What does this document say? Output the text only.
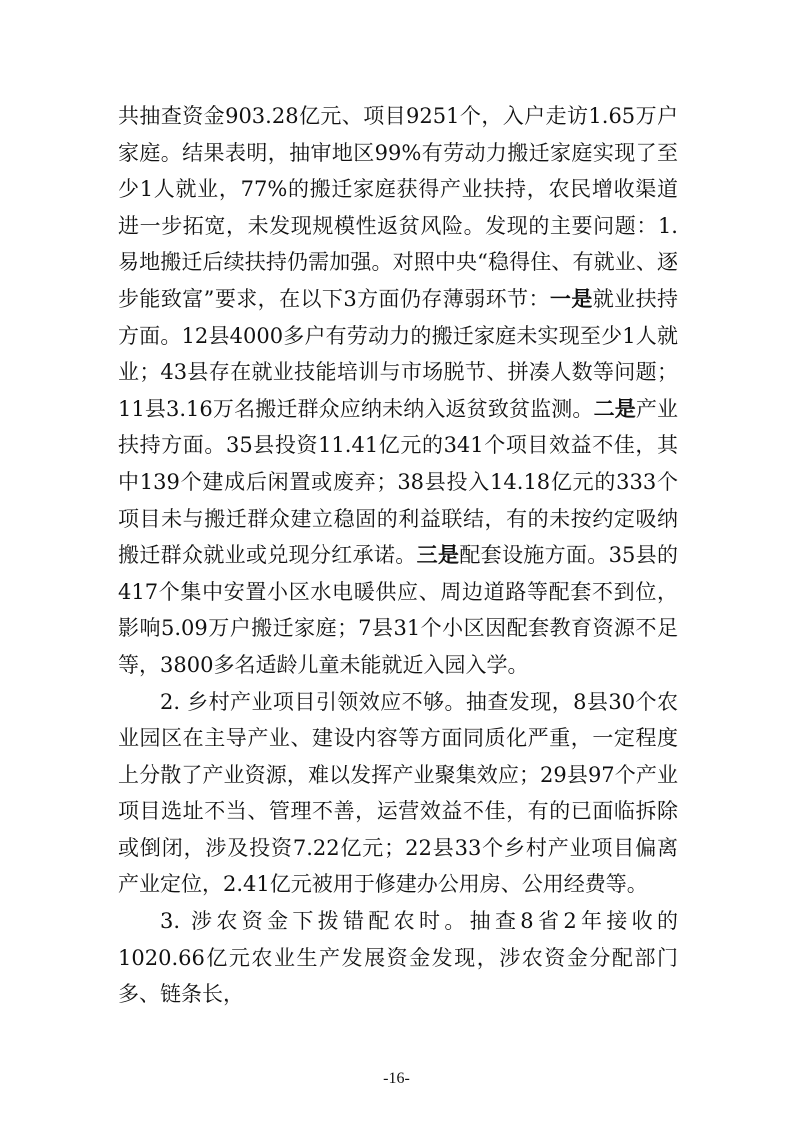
共抽查资金903.28亿元、项目9251个，入户走访1.65万户家庭。结果表明，抽审地区99%有劳动力搬迁家庭实现了至少1人就业，77%的搬迁家庭获得产业扶持，农民增收渠道进一步拓宽，未发现规模性返贫风险。发现的主要问题：1. 易地搬迁后续扶持仍需加强。对照中央“稳得住、有就业、逐步能致富”要求，在以下3方面仍存薄弱环节：一是就业扶持方面。12县4000多户有劳动力的搬迁家庭未实现至少1人就业；43县存在就业技能培训与市场脱节、拼凑人数等问题；11县3.16万名搬迁群众应纳未纳入返贫致贫监测。二是产业扶持方面。35县投资11.41亿元的341个项目效益不佳，其中139个建成后闲置或废弃；38县投入14.18亿元的333个项目未与搬迁群众建立稳固的利益联结，有的未按约定吸纳搬迁群众就业或兑现分红承诺。三是配套设施方面。35县的417个集中安置小区水电暖供应、周边道路等配套不到位，影响5.09万户搬迁家庭；7县31个小区因配套教育资源不足等，3800多名适龄儿童未能就近入园入学。

2. 乡村产业项目引领效应不够。抽查发现，8县30个农业园区在主导产业、建设内容等方面同质化严重，一定程度上分散了产业资源，难以发挥产业聚集效应；29县97个产业项目选址不当、管理不善，运营效益不佳，有的已面临拆除或倒闭，涉及投资7.22亿元；22县33个乡村产业项目偏离产业定位，2.41亿元被用于修建办公用房、公用经费等。

3. 涉农资金下拨错配农时。抽查8省2年接收的1020.66亿元农业生产发展资金发现，涉农资金分配部门多、链条长，

-16-
